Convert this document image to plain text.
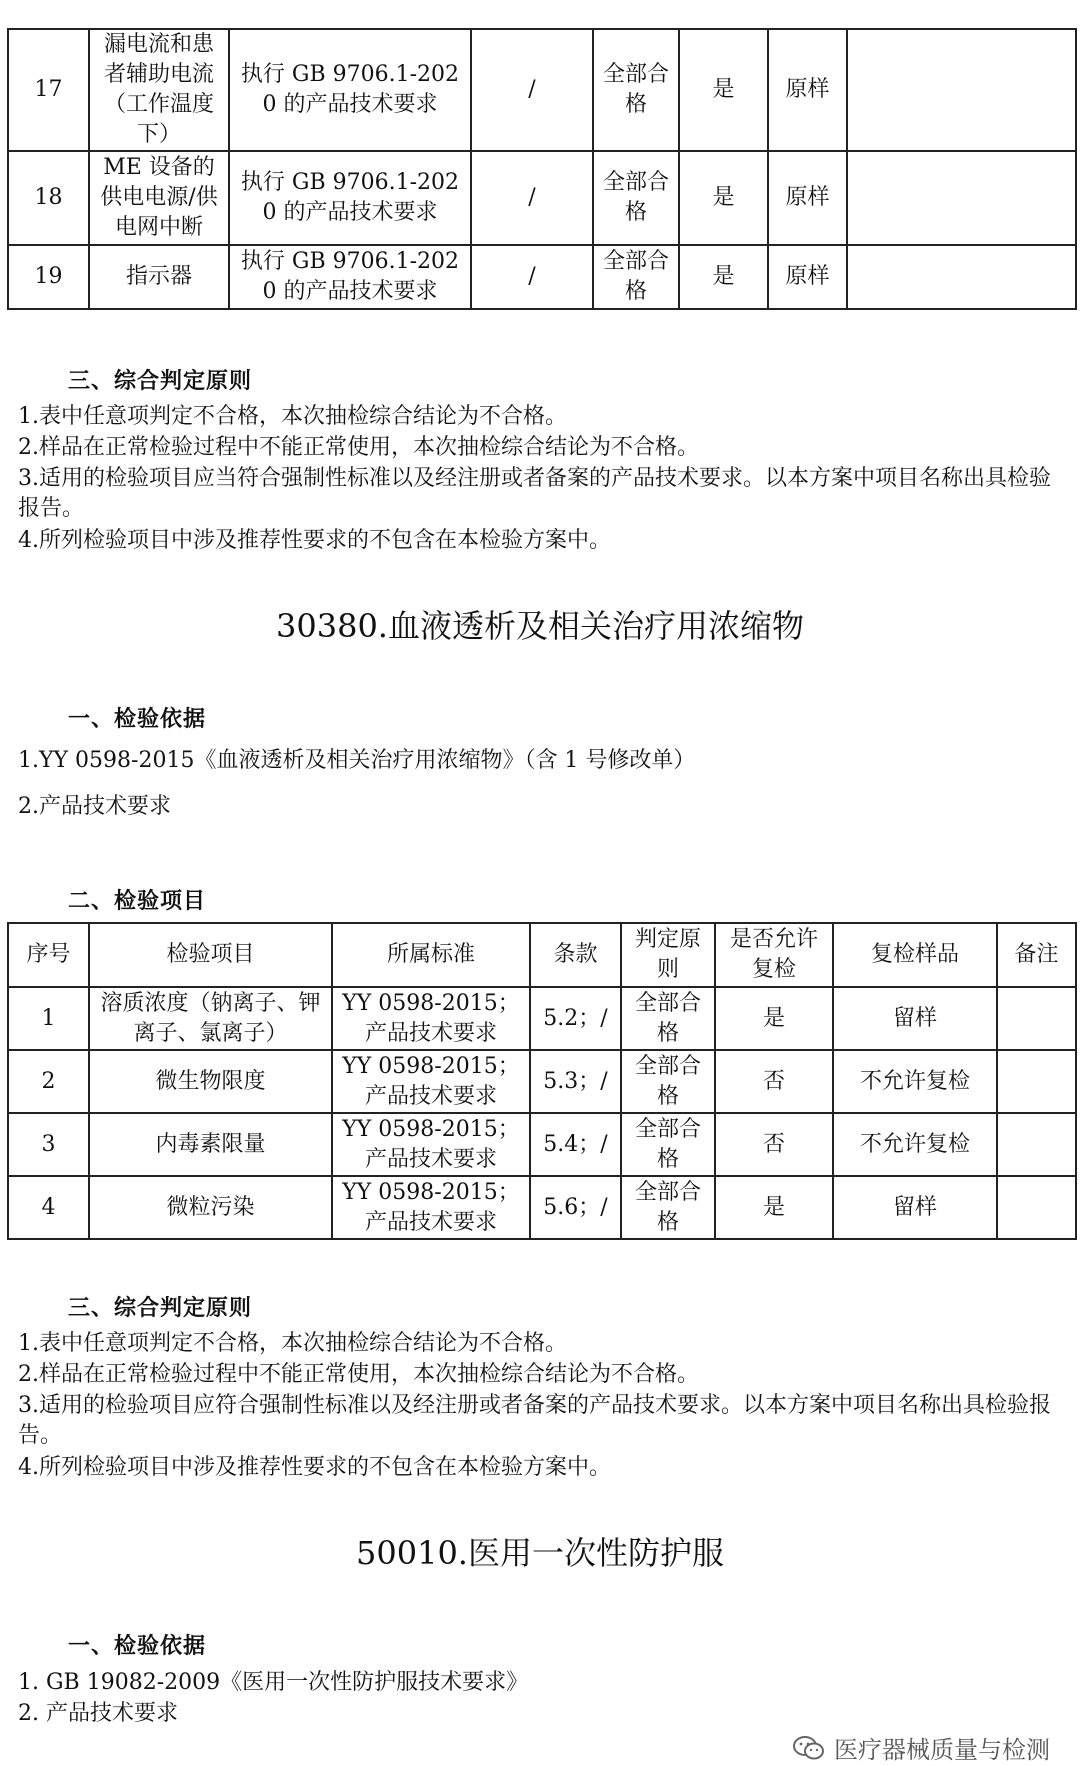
17	漏电流和患者辅助电流（工作温度下）	执行 GB 9706.1-2020 的产品技术要求	/	全部合格	是	原样	
18	ME 设备的供电电源/供电网中断	执行 GB 9706.1-2020 的产品技术要求	/	全部合格	是	原样	
19	指示器	执行 GB 9706.1-2020 的产品技术要求	/	全部合格	是	原样	
三、综合判定原则
1.表中任意项判定不合格，本次抽检综合结论为不合格。
2.样品在正常检验过程中不能正常使用，本次抽检综合结论为不合格。
3.适用的检验项目应当符合强制性标准以及经注册或者备案的产品技术要求。以本方案中项目名称出具检验报告。
4.所列检验项目中涉及推荐性要求的不包含在本检验方案中。
30380.血液透析及相关治疗用浓缩物
一、检验依据
1.YY 0598-2015《血液透析及相关治疗用浓缩物》（含 1 号修改单）
2.产品技术要求
二、检验项目
序号	检验项目	所属标准	条款	判定原则	是否允许复检	复检样品	备注
1	溶质浓度（钠离子、钾离子、氯离子）	YY 0598-2015；产品技术要求	5.2；/	全部合格	是	留样	
2	微生物限度	YY 0598-2015；产品技术要求	5.3；/	全部合格	否	不允许复检	
3	内毒素限量	YY 0598-2015；产品技术要求	5.4；/	全部合格	否	不允许复检	
4	微粒污染	YY 0598-2015；产品技术要求	5.6；/	全部合格	是	留样	
三、综合判定原则
1.表中任意项判定不合格，本次抽检综合结论为不合格。
2.样品在正常检验过程中不能正常使用，本次抽检综合结论为不合格。
3.适用的检验项目应符合强制性标准以及经注册或者备案的产品技术要求。以本方案中项目名称出具检验报告。
4.所列检验项目中涉及推荐性要求的不包含在本检验方案中。
50010.医用一次性防护服
一、检验依据
1. GB 19082-2009《医用一次性防护服技术要求》
2. 产品技术要求
医疗器械质量与检测
